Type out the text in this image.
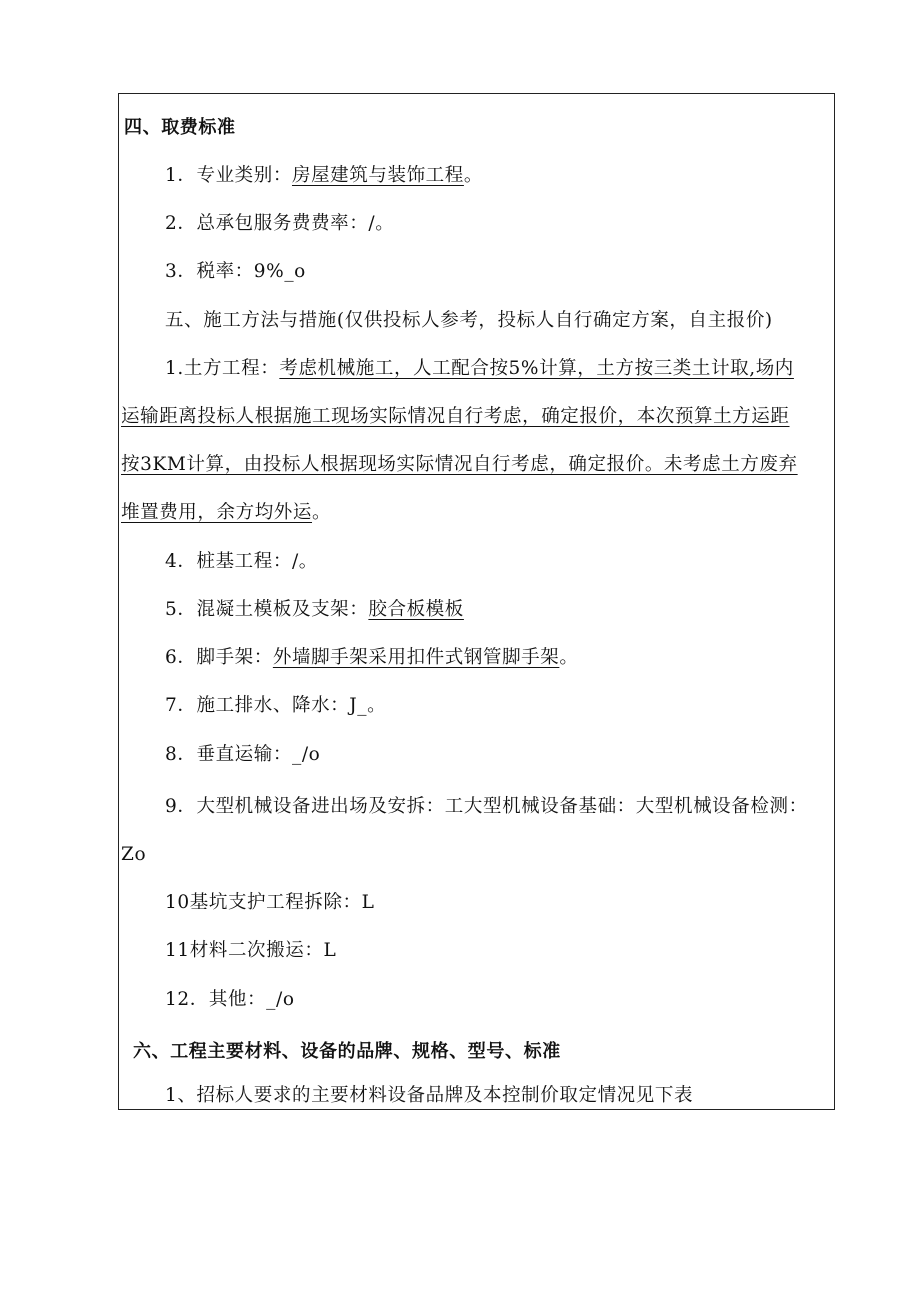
四、取费标准
1．专业类别：房屋建筑与装饰工程。
2．总承包服务费费率：/。
3．税率：9%_o
五、施工方法与措施(仅供投标人参考，投标人自行确定方案，自主报价)
1.土方工程：考虑机械施工，人工配合按5%计算，土方按三类土计取,场内
运输距离投标人根据施工现场实际情况自行考虑，确定报价，本次预算土方运距
按3KM计算，由投标人根据现场实际情况自行考虑，确定报价。未考虑土方废弃
堆置费用，余方均外运。
4．桩基工程：/。
5．混凝土模板及支架：胶合板模板
6．脚手架：外墙脚手架采用扣件式钢管脚手架。
7．施工排水、降水：J_。
8．垂直运输：_/o
9．大型机械设备进出场及安拆：工大型机械设备基础：大型机械设备检测：
Zo
10基坑支护工程拆除：L
11材料二次搬运：L
12．其他：_/o
六、工程主要材料、设备的品牌、规格、型号、标准
1、招标人要求的主要材料设备品牌及本控制价取定情况见下表
